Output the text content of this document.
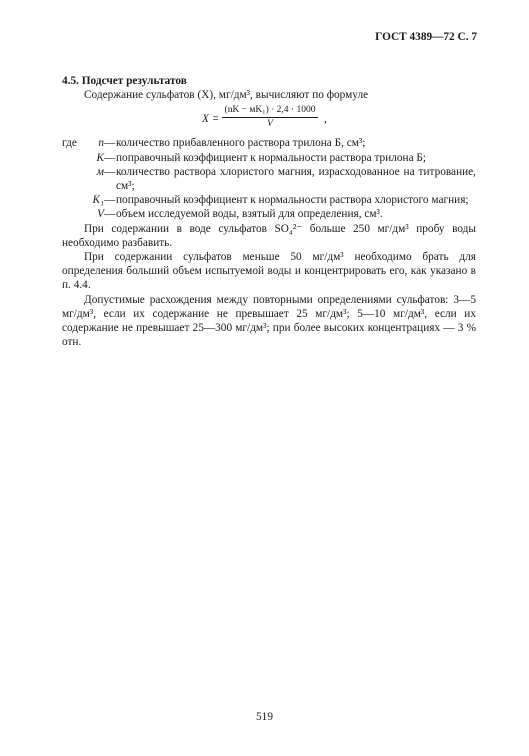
ГОСТ 4389—72 С. 7
4.5. Подсчет результатов
Содержание сульфатов (X), мг/дм³, вычисляют по формуле
X =
(nK − мK₁) · 2,4 · 1000
V	,
где	n	—	количество прибавленного раствора трилона Б, см³;
	K	—	поправочный коэффициент к нормальности раствора трилона Б;
	м	—	количество раствора хлористого магния, израсходованное на титрование, см³;
	K₁	—	поправочный коэффициент к нормальности раствора хлористого магния;
	V	—	объем исследуемой воды, взятый для определения, см³.

При содержании в воде сульфатов SO₄²⁻ больше 250 мг/дм³ пробу воды необходимо разбавить.

При содержании сульфатов меньше 50 мг/дм³ необходимо брать для определения больший объем испытуемой воды и концентрировать его, как указано в п. 4.4.

Допустимые расхождения между повторными определениями сульфатов: 3—5 мг/дм³, если их содержание не превышает 25 мг/дм³; 5—10 мг/дм³, если их содержание не превышает 25—300 мг/дм³; при более высоких концентрациях — 3 % отн.

519
